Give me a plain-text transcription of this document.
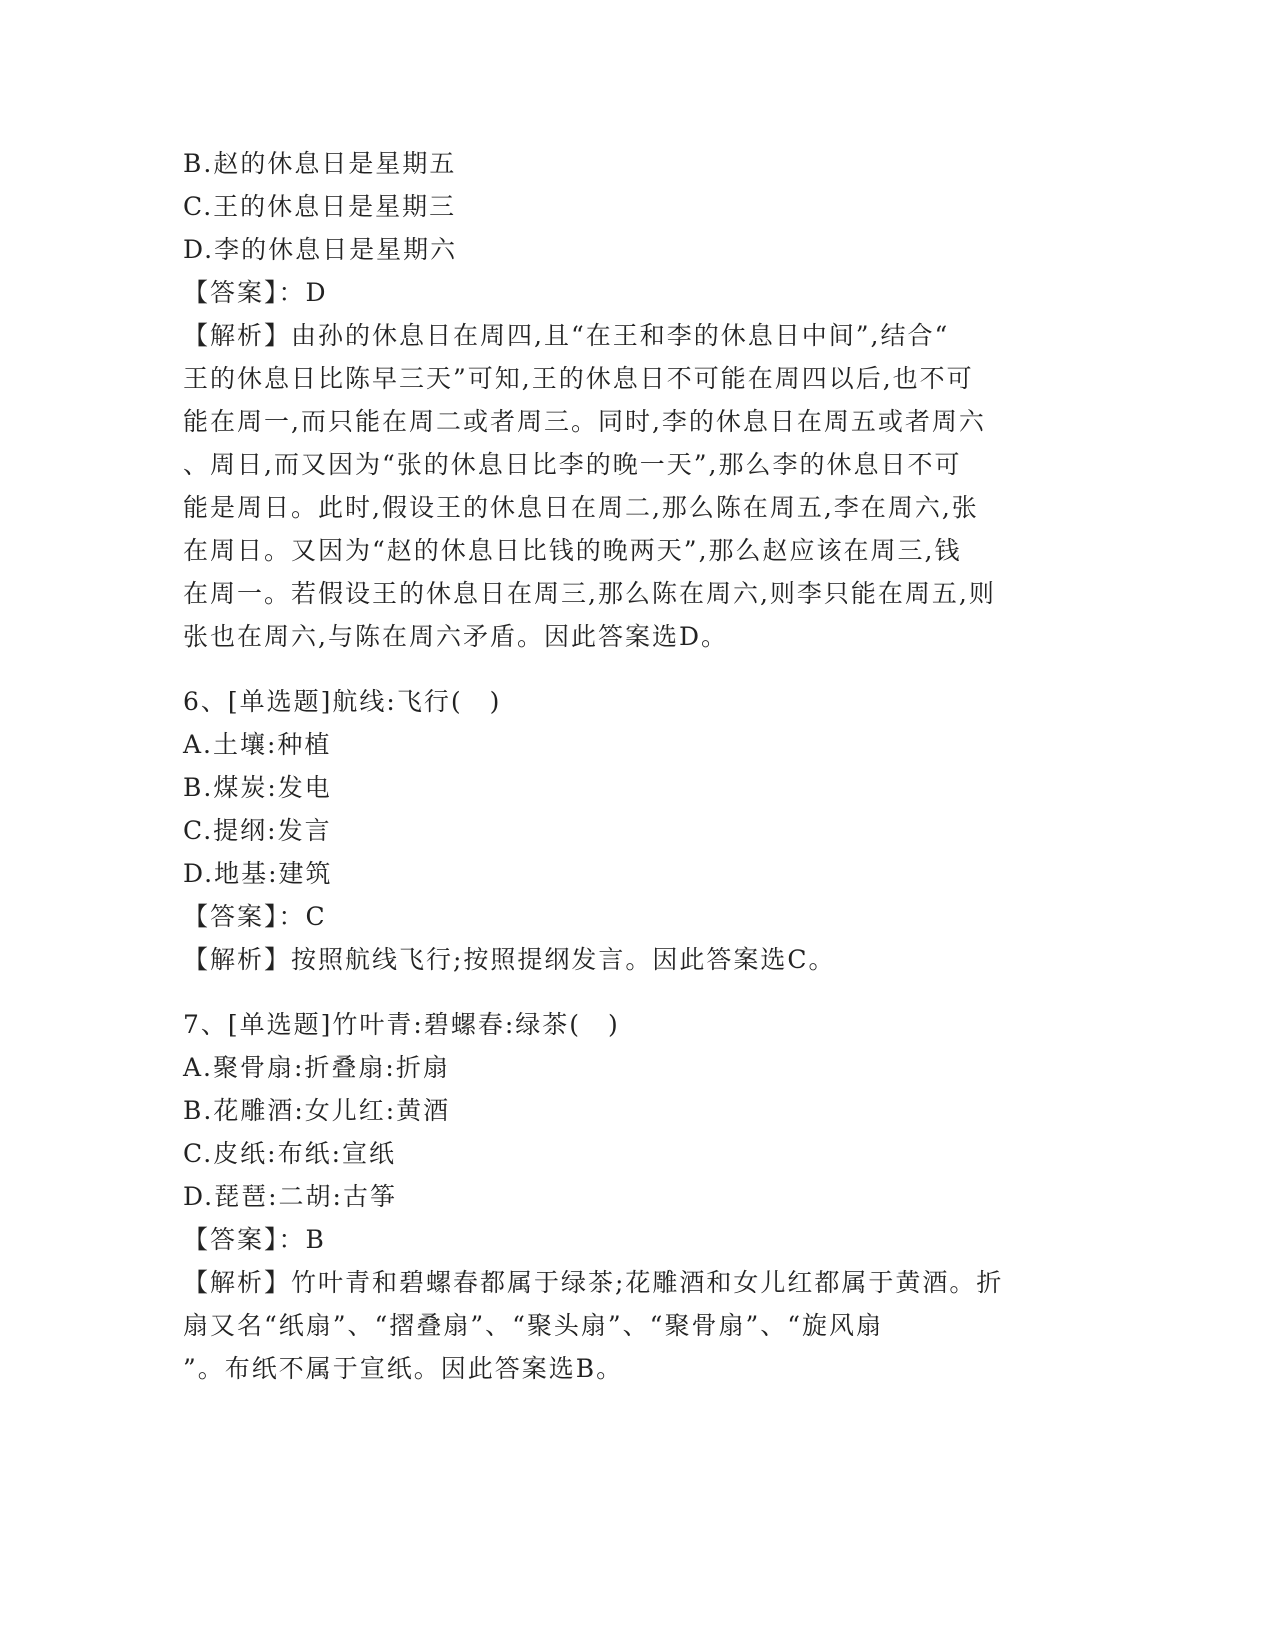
B.赵的休息日是星期五
C.王的休息日是星期三
D.李的休息日是星期六
【答案】：D
【解析】由孙的休息日在周四,且“在王和李的休息日中间”,结合“
王的休息日比陈早三天”可知,王的休息日不可能在周四以后,也不可
能在周一,而只能在周二或者周三。同时,李的休息日在周五或者周六
、周日,而又因为“张的休息日比李的晚一天”,那么李的休息日不可
能是周日。此时,假设王的休息日在周二,那么陈在周五,李在周六,张
在周日。又因为“赵的休息日比钱的晚两天”,那么赵应该在周三,钱
在周一。若假设王的休息日在周三,那么陈在周六,则李只能在周五,则
张也在周六,与陈在周六矛盾。因此答案选D。
6、[单选题]航线:飞行(　)
A.土壤:种植
B.煤炭:发电
C.提纲:发言
D.地基:建筑
【答案】：C
【解析】按照航线飞行;按照提纲发言。因此答案选C。
7、[单选题]竹叶青:碧螺春:绿茶(　)
A.聚骨扇:折叠扇:折扇
B.花雕酒:女儿红:黄酒
C.皮纸:布纸:宣纸
D.琵琶:二胡:古筝
【答案】：B
【解析】竹叶青和碧螺春都属于绿茶;花雕酒和女儿红都属于黄酒。折
扇又名“纸扇”、“摺叠扇”、“聚头扇”、“聚骨扇”、“旋风扇
”。布纸不属于宣纸。因此答案选B。
